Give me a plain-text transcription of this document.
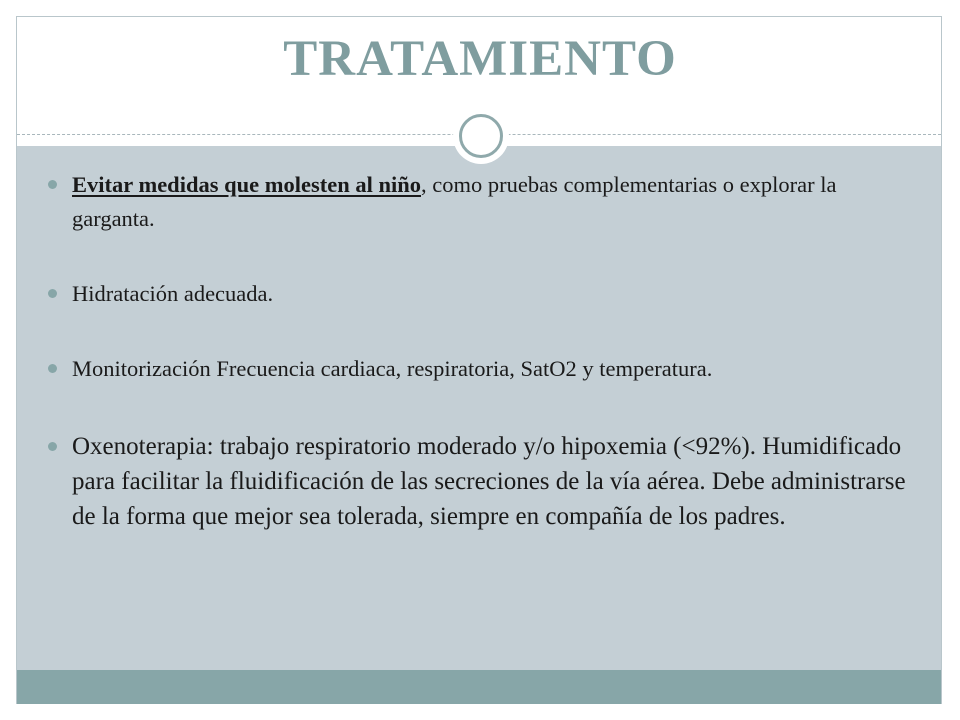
TRATAMIENTO
Evitar medidas que molesten al niño, como pruebas complementarias o explorar la garganta.
Hidratación adecuada.
Monitorización Frecuencia cardiaca, respiratoria, SatO2 y temperatura.
Oxenoterapia: trabajo respiratorio moderado y/o hipoxemia (<92%). Humidificado para facilitar la fluidificación de las secreciones de la vía aérea. Debe administrarse de la forma que mejor sea tolerada, siempre en compañía de los padres.
